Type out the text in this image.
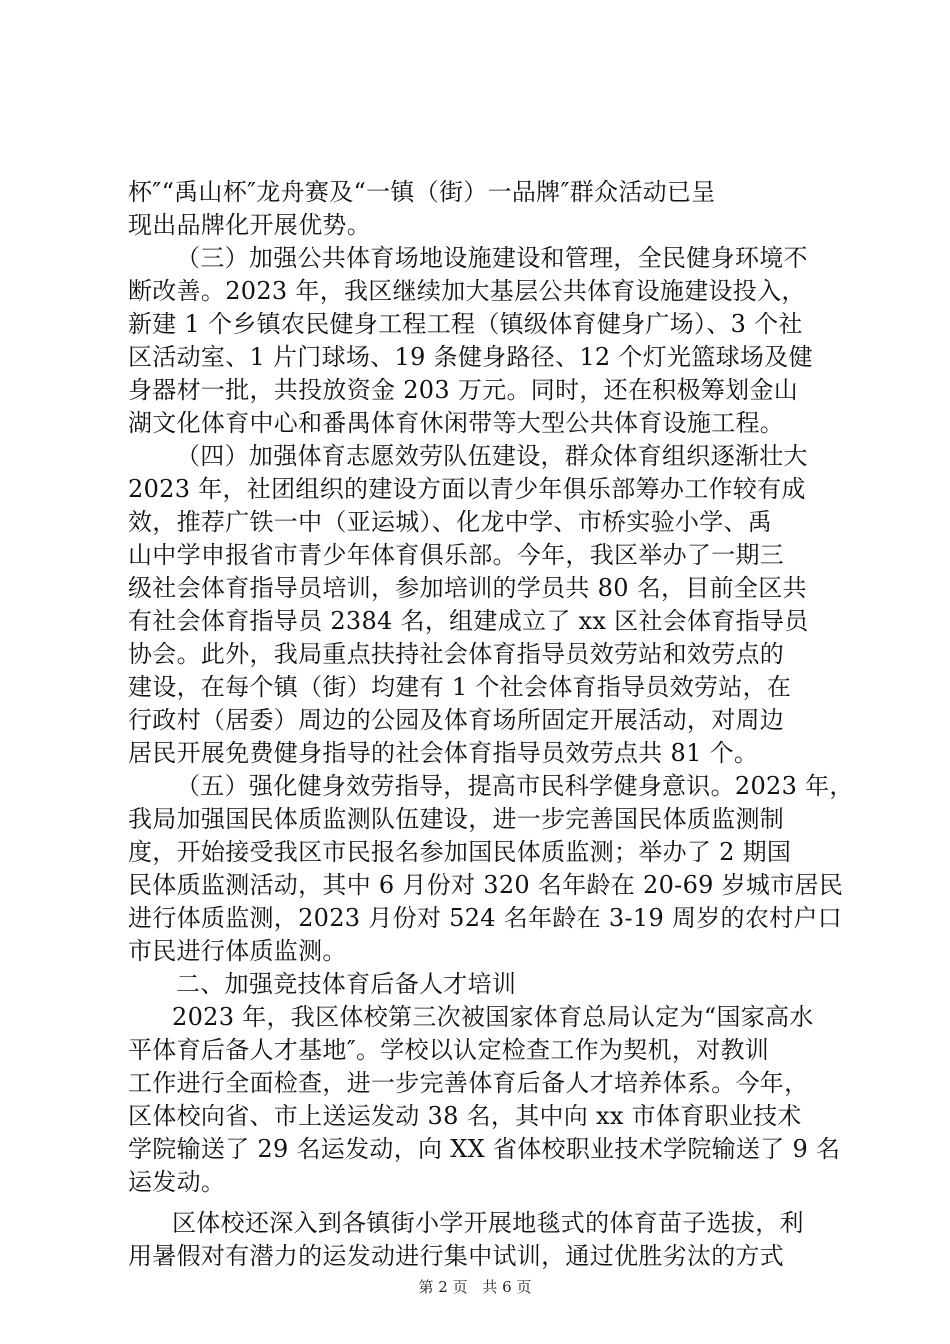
杯″“禹山杯″龙舟赛及“一镇（街）一品牌″群众活动已呈
现出品牌化开展优势。
（三）加强公共体育场地设施建设和管理，全民健身环境不
断改善。2023 年，我区继续加大基层公共体育设施建设投入，
新建 1 个乡镇农民健身工程工程（镇级体育健身广场）、3 个社
区活动室、1 片门球场、19 条健身路径、12 个灯光篮球场及健
身器材一批，共投放资金 203 万元。同时，还在积极筹划金山
湖文化体育中心和番禺体育休闲带等大型公共体育设施工程。
（四）加强体育志愿效劳队伍建设，群众体育组织逐渐壮大
2023 年，社团组织的建设方面以青少年俱乐部筹办工作较有成
效，推荐广铁一中（亚运城）、化龙中学、市桥实验小学、禹
山中学申报省市青少年体育俱乐部。今年，我区举办了一期三
级社会体育指导员培训，参加培训的学员共 80 名，目前全区共
有社会体育指导员 2384 名，组建成立了 xx 区社会体育指导员
协会。此外，我局重点扶持社会体育指导员效劳站和效劳点的
建设，在每个镇（街）均建有 1 个社会体育指导员效劳站，在
行政村（居委）周边的公园及体育场所固定开展活动，对周边
居民开展免费健身指导的社会体育指导员效劳点共 81 个。
（五）强化健身效劳指导，提高市民科学健身意识。2023 年，
我局加强国民体质监测队伍建设，进一步完善国民体质监测制
度，开始接受我区市民报名参加国民体质监测；举办了 2 期国
民体质监测活动，其中 6 月份对 320 名年龄在 20-69 岁城市居民
进行体质监测，2023 月份对 524 名年龄在 3-19 周岁的农村户口
市民进行体质监测。
二、加强竞技体育后备人才培训
2023 年，我区体校第三次被国家体育总局认定为“国家高水
平体育后备人才基地″。学校以认定检查工作为契机，对教训
工作进行全面检查，进一步完善体育后备人才培养体系。今年，
区体校向省、市上送运发动 38 名，其中向 xx 市体育职业技术
学院输送了 29 名运发动，向 XX 省体校职业技术学院输送了 9 名
运发动。
区体校还深入到各镇街小学开展地毯式的体育苗子选拔，利
用暑假对有潜力的运发动进行集中试训，通过优胜劣汰的方式
第 2 页 共 6 页
